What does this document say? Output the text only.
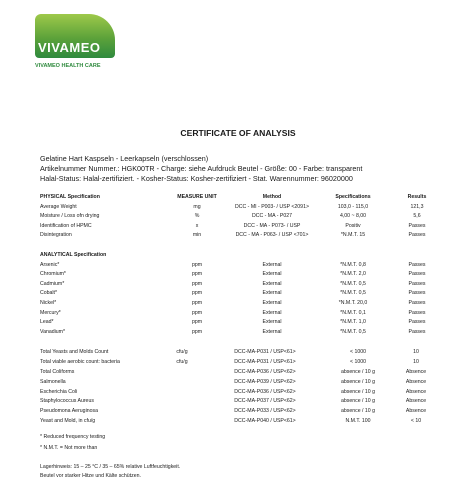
VIVAMEO
VIVAMEO HEALTH CARE
CERTIFICATE OF ANALYSIS
Gelatine Hart Kaspseln - Leerkapseln (verschlossen)
Artikelnummer Nummer.: HGK00TR - Charge: siehe Aufdruck Beutel - Größe: 00 - Farbe: transparent
Halal-Status: Halal-zertifiziert. - Kosher-Status: Kosher-zertifiziert - Stat. Warennummer: 96020000
PHYSICAL Specification	MEASURE UNIT	Method	Specifications	Results
Average Weight	mg	DCC - MI - P003- / USP <2091>	103,0 - 115,0	121,3
Moisture / Loss ofn drying	%	DCC - MA - P027	4,00 ~ 8,00	5,6
Identification of HPMC	x	DCC - MA - P073- / USP	Positiv	Passes
Disintegration	min	DCC - MA - P063- / USP <701>	*N.M.T. 15	Passes
ANALYTICAL Specification
Arsenic*	ppm	External	*N.M.T. 0,8	Passes
Chromium*	ppm	External	*N.M.T. 2,0	Passes
Cadmium*	ppm	External	*N.M.T. 0,5	Passes
Cobalt*	ppm	External	*N.M.T. 0,5	Passes
Nickel*	ppm	External	*N.M.T. 20,0	Passes
Mercury*	ppm	External	*N.M.T. 0,1	Passes
Lead*	ppm	External	*N.M.T. 1,0	Passes
Vanadium*	ppm	External	*N.M.T. 0,5	Passes
Total Yeasts and Molds Count	cfu/g	DCC-MA-P031 / USP<61>	< 1000	10
Total viable aerobic count: bacteria	cfu/g	DCC-MA-P031 / USP<61>	< 1000	10
Total Coliforms	DCC-MA-P036 / USP<62>	absence / 10 g	Absence
Salmonella	DCC-MA-P039 / USP<62>	absence / 10 g	Absence
Escherichia Coli	DCC-MA-P036 / USP<62>	absence / 10 g	Absence
Staphylococcus Aureus	DCC-MA-P037 / USP<62>	absence / 10 g	Absence
Pseudomona Aeruginosa	DCC-MA-P033 / USP<62>	absence / 10 g	Absence
Yeast and Mold, in cfu/g	DCC-MA-P040 / USP<61>	N.M.T. 100	< 10
* Reduced frequency testing
* N.M.T. = Not more than
Lagerhinweis: 15 – 25 °C / 35 – 65% relative Luftfeuchtigkeit.
Beutel vor starker Hitze und Kälte schützen.
